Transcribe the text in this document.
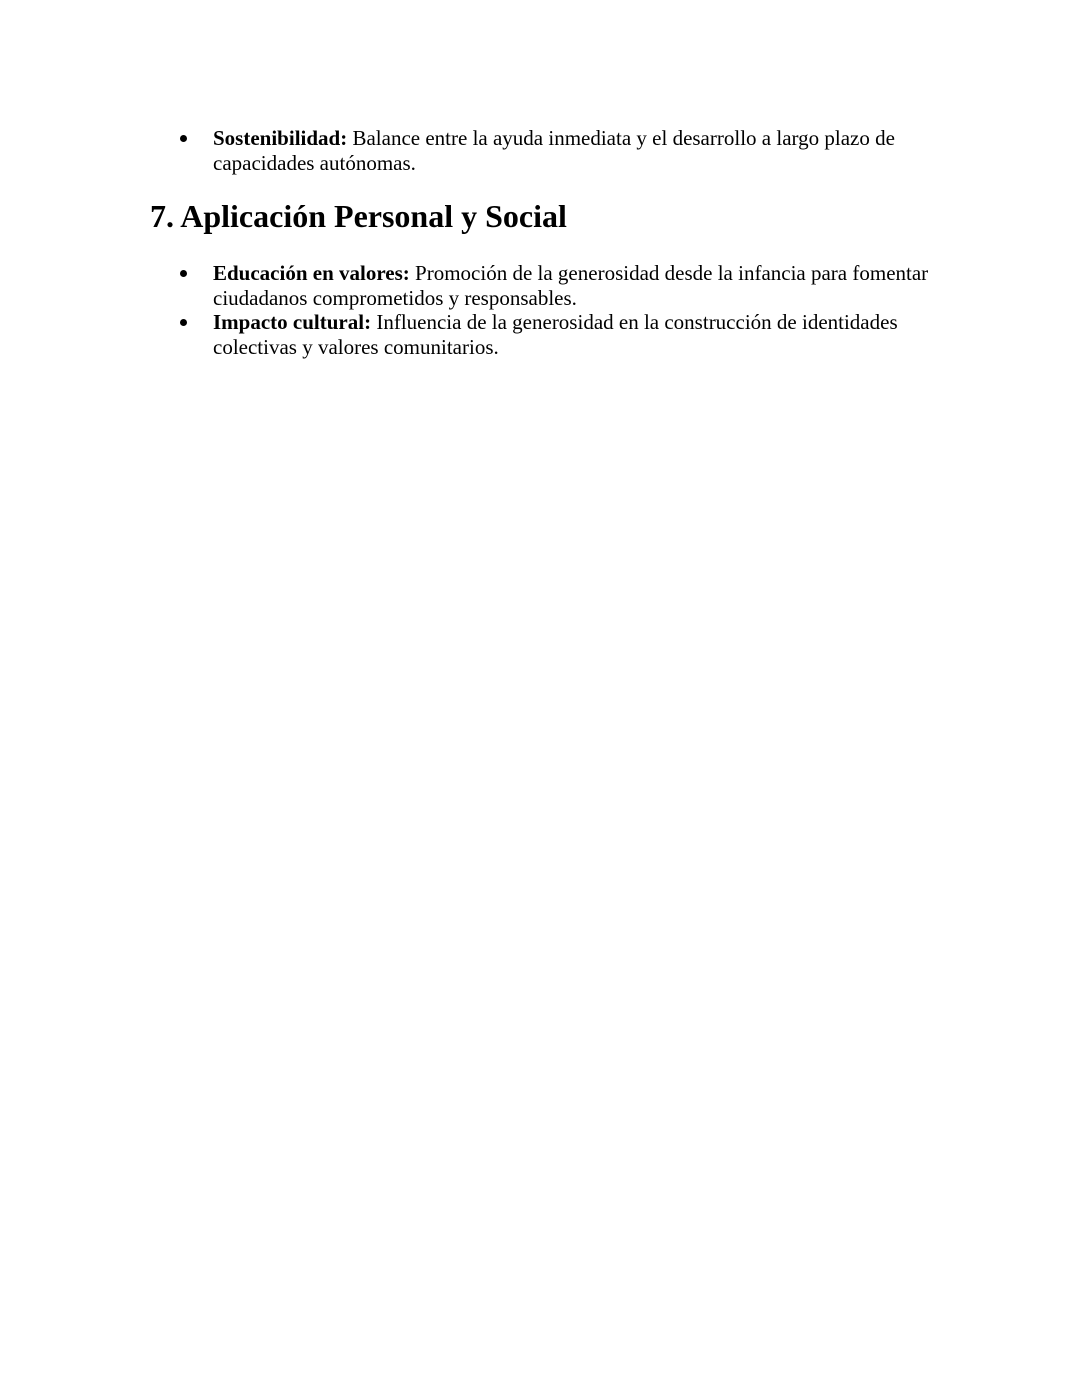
Sostenibilidad: Balance entre la ayuda inmediata y el desarrollo a largo plazo de capacidades autónomas.
7. Aplicación Personal y Social
Educación en valores: Promoción de la generosidad desde la infancia para fomentar ciudadanos comprometidos y responsables.
Impacto cultural: Influencia de la generosidad en la construcción de identidades colectivas y valores comunitarios.
